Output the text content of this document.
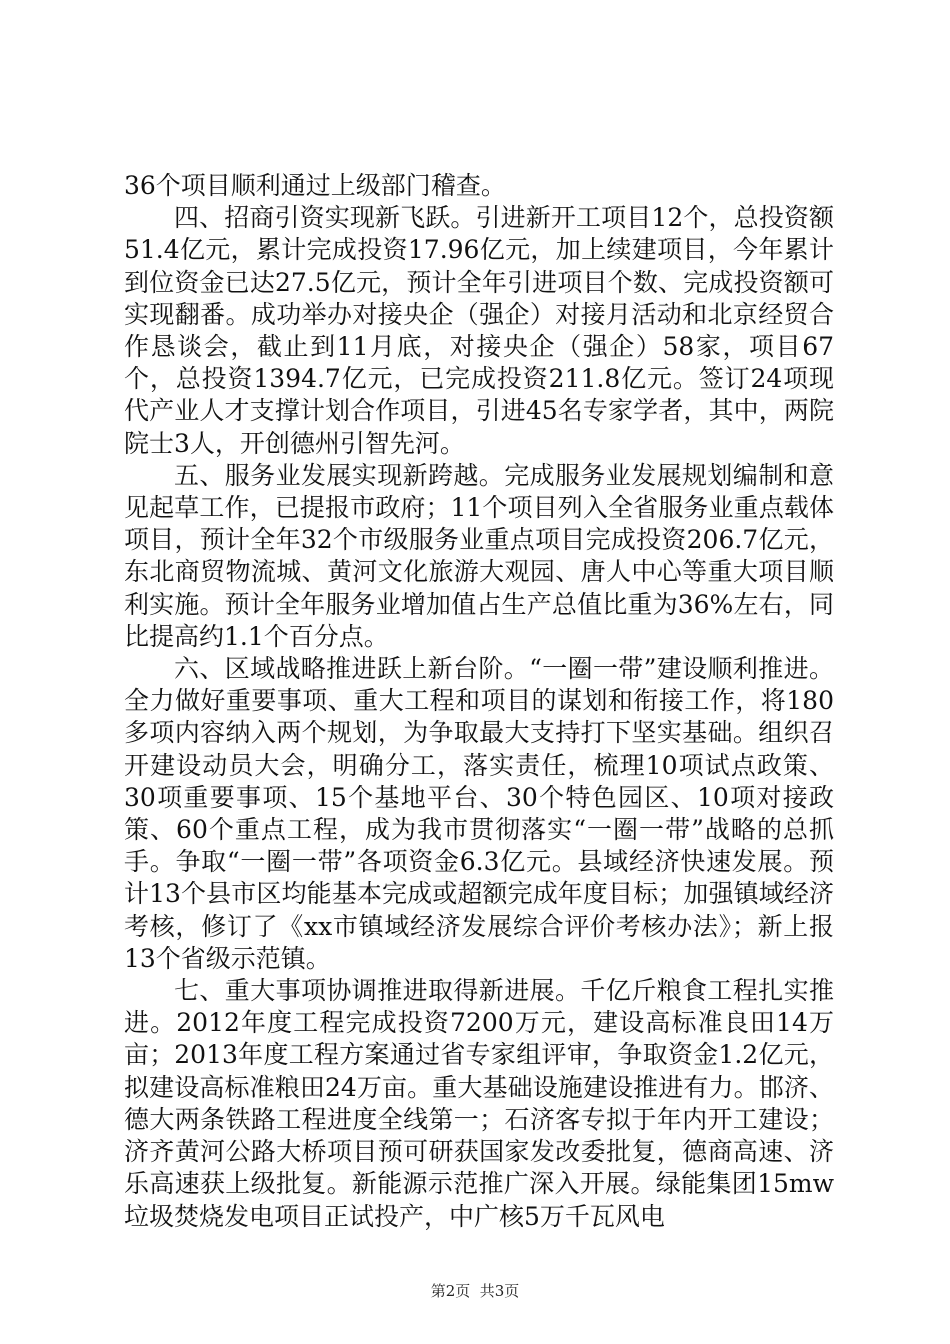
36个项目顺利通过上级部门稽查。

四、招商引资实现新飞跃。引进新开工项目12个，总投资额51.4亿元，累计完成投资17.96亿元，加上续建项目，今年累计到位资金已达27.5亿元，预计全年引进项目个数、完成投资额可实现翻番。成功举办对接央企（强企）对接月活动和北京经贸合作恳谈会，截止到11月底，对接央企（强企）58家，项目67个，总投资1394.7亿元，已完成投资211.8亿元。签订24项现代产业人才支撑计划合作项目，引进45名专家学者，其中，两院院士3人，开创德州引智先河。

五、服务业发展实现新跨越。完成服务业发展规划编制和意见起草工作，已提报市政府；11个项目列入全省服务业重点载体项目，预计全年32个市级服务业重点项目完成投资206.7亿元，东北商贸物流城、黄河文化旅游大观园、唐人中心等重大项目顺利实施。预计全年服务业增加值占生产总值比重为36%左右，同比提高约1.1个百分点。

六、区域战略推进跃上新台阶。“一圈一带”建设顺利推进。全力做好重要事项、重大工程和项目的谋划和衔接工作，将180多项内容纳入两个规划，为争取最大支持打下坚实基础。组织召开建设动员大会，明确分工，落实责任，梳理10项试点政策、30项重要事项、15个基地平台、30个特色园区、10项对接政策、60个重点工程，成为我市贯彻落实“一圈一带”战略的总抓手。争取“一圈一带”各项资金6.3亿元。县域经济快速发展。预计13个县市区均能基本完成或超额完成年度目标；加强镇域经济考核，修订了《xx市镇域经济发展综合评价考核办法》；新上报13个省级示范镇。

七、重大事项协调推进取得新进展。千亿斤粮食工程扎实推进。2012年度工程完成投资7200万元，建设高标准良田14万亩；2013年度工程方案通过省专家组评审，争取资金1.2亿元，拟建设高标准粮田24万亩。重大基础设施建设推进有力。邯济、德大两条铁路工程进度全线第一；石济客专拟于年内开工建设；济齐黄河公路大桥项目预可研获国家发改委批复，德商高速、济乐高速获上级批复。新能源示范推广深入开展。绿能集团15mw垃圾焚烧发电项目正试投产，中广核5万千瓦风电

第2页  共3页
